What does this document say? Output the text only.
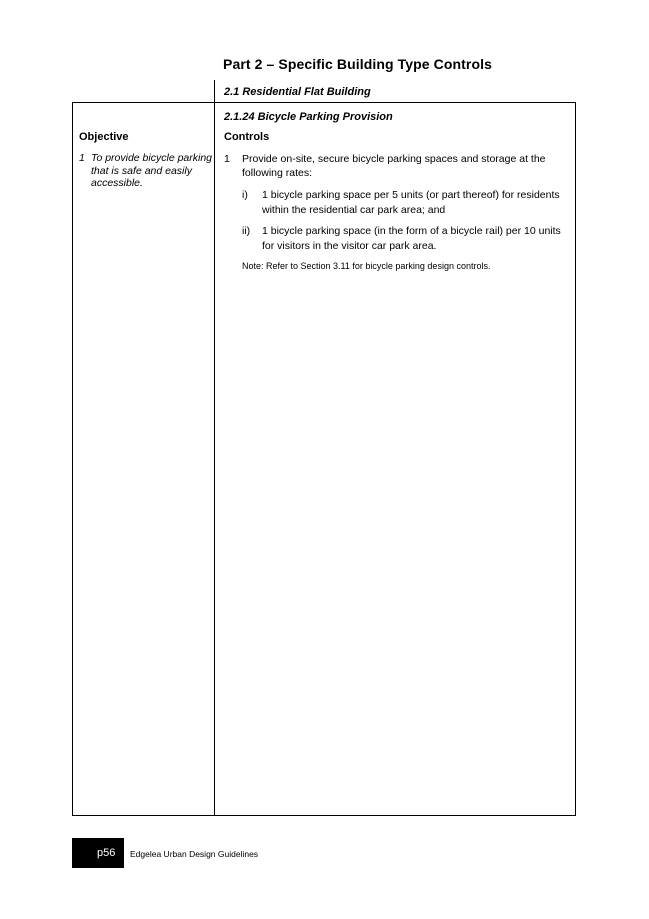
Part 2 – Specific Building Type Controls
2.1 Residential Flat Building
Objective
1 To provide bicycle parking that is safe and easily accessible.
2.1.24 Bicycle Parking Provision
Controls
1 Provide on-site, secure bicycle parking spaces and storage at the following rates:
i) 1 bicycle parking space per 5 units (or part thereof) for residents within the residential car park area; and
ii) 1 bicycle parking space (in the form of a bicycle rail) per 10 units for visitors in the visitor car park area.
Note: Refer to Section 3.11 for bicycle parking design controls.
p56 Edgelea Urban Design Guidelines
